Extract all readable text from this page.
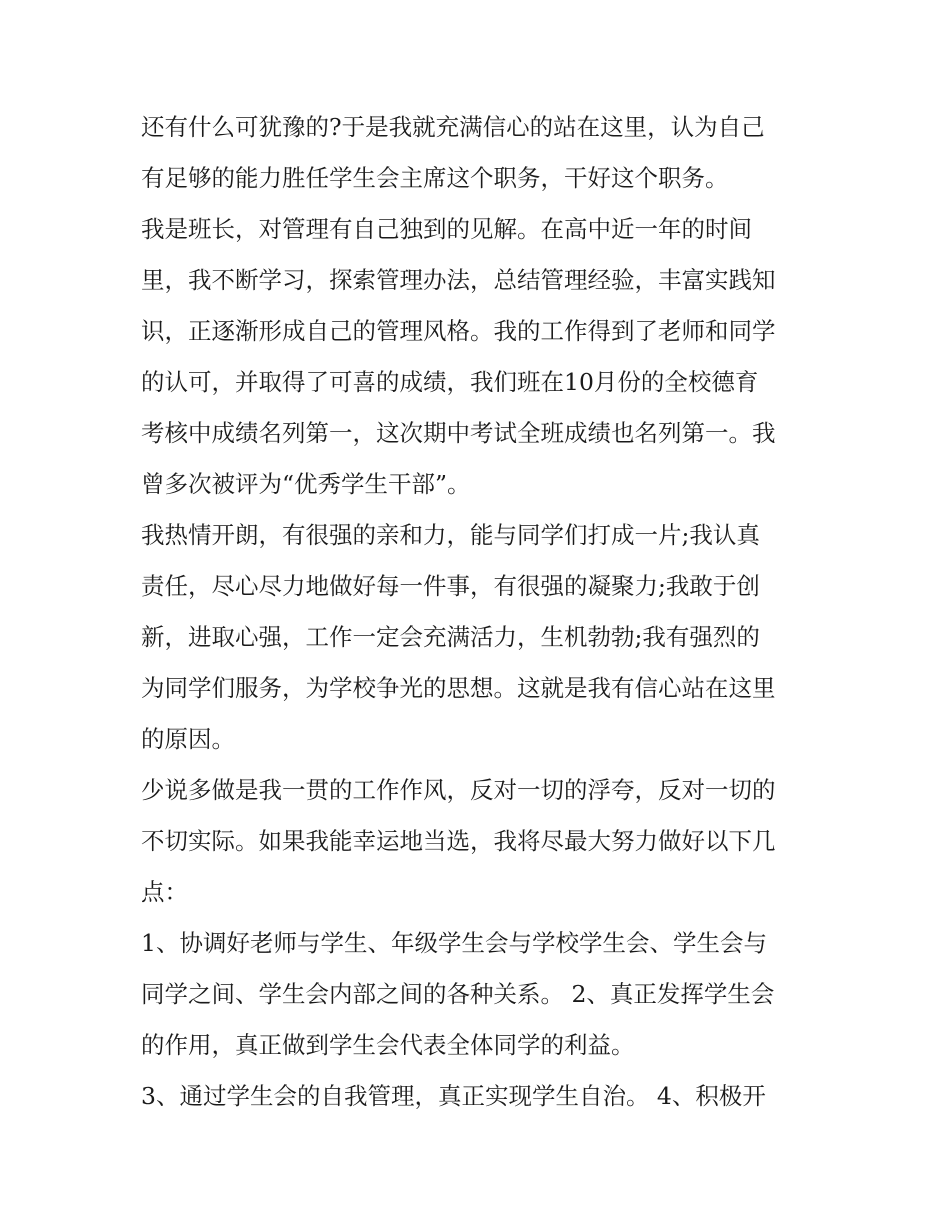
还有什么可犹豫的?于是我就充满信心的站在这里，认为自己
有足够的能力胜任学生会主席这个职务，干好这个职务。
我是班长，对管理有自己独到的见解。在高中近一年的时间
里，我不断学习，探索管理办法，总结管理经验，丰富实践知
识，正逐渐形成自己的管理风格。我的工作得到了老师和同学
的认可，并取得了可喜的成绩，我们班在10月份的全校德育
考核中成绩名列第一，这次期中考试全班成绩也名列第一。我
曾多次被评为“优秀学生干部”。
我热情开朗，有很强的亲和力，能与同学们打成一片;我认真
责任，尽心尽力地做好每一件事，有很强的凝聚力;我敢于创
新，进取心强，工作一定会充满活力，生机勃勃;我有强烈的
为同学们服务，为学校争光的思想。这就是我有信心站在这里
的原因。
少说多做是我一贯的工作作风，反对一切的浮夸，反对一切的
不切实际。如果我能幸运地当选，我将尽最大努力做好以下几
点：
1、协调好老师与学生、年级学生会与学校学生会、学生会与
同学之间、学生会内部之间的各种关系。 2、真正发挥学生会
的作用，真正做到学生会代表全体同学的利益。
3、通过学生会的自我管理，真正实现学生自治。 4、积极开
